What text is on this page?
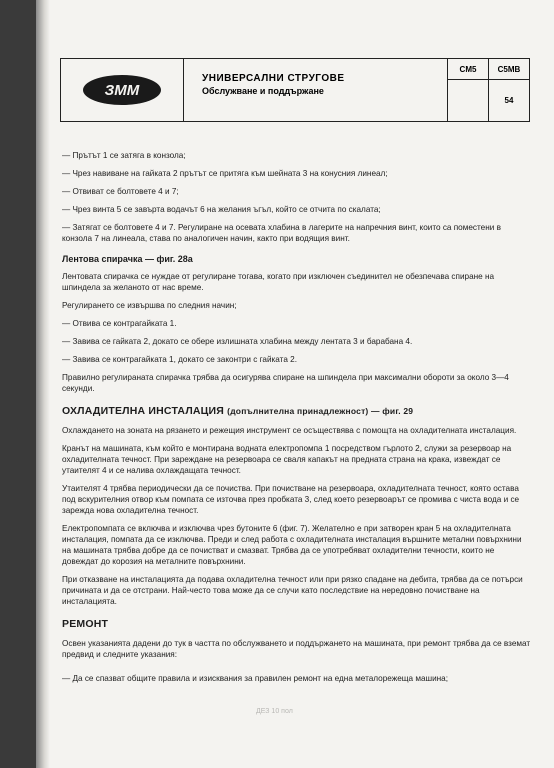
ЗММ
УНИВЕРСАЛНИ СТРУГОВЕ
Обслужване и поддържане
CM5	C5MB
54

— Прътът 1 се затяга в конзола;

— Чрез навиване на гайката 2 прътът се притяга към шейната 3 на конусния линеал;

— Отвиват се болтовете 4 и 7;

— Чрез винта 5 се завърта водачът 6 на желания ъгъл, който се отчита по скалата;

— Затягат се болтовете 4 и 7. Регулиране на осевата хлабина в лагерите на напречния винт, които са поместени в конзола 7 на линеала, става по аналогичен начин, както при водящия винт.

Лентова спирачка — фиг. 28а

Лентовата спирачка се нуждае от регулиране тогава, когато при изключен съединител не обезпечава спиране на шпиндела за желаното от нас време.

Регулирането се извършва по следния начин;

— Отвива се контрагайката 1.

— Завива се гайката 2, докато се обере излишната хлабина между лентата 3 и барабана 4.

— Завива се контрагайката 1, докато се законтри с гайката 2.

Правилно регулираната спирачка трябва да осигурява спиране на шпиндела при максимални обороти за около 3—4 секунди.

ОХЛАДИТЕЛНА ИНСТАЛАЦИЯ (допълнителна принадлежност) — фиг. 29

Охлаждането на зоната на рязането и режещия инструмент се осъществява с помощта на охладителната инсталация.

Кранът на машината, към който е монтирана водната електропомпа 1 посредством гърлото 2, служи за резервоар на охладителната течност. При зареждане на резервоара се сваля капакът на предната страна на крака, извеждат се утаителят 4 и се налива охлаждащата течност.

Утаителят 4 трябва периодически да се почиства. При почистване на резервоара, охладителната течност, която остава под вскурителния отвор към помпата се източва през пробката 3, след което резервоарът се промива с чиста вода и се зарежда нова охладителна течност.

Електропомпата се включва и изключва чрез бутоните 6 (фиг. 7). Желателно е при затворен кран 5 на охладителната инсталация, помпата да се изключва. Преди и след работа с охладителната инсталация вършните метални повърхнини на машината трябва добре да се почистват и смазват. Трябва да се употребяват охладителни течности, които не довеждат до корозия на металните повърхнини.

При отказване на инсталацията да подава охладителна течност или при рязко спадане на дебита, трябва да се потърси причината и да се отстрани. Най-често това може да се случи като последствие на нередовно почистване на инсталацията.

РЕМОНТ

Освен указанията дадени до тук в частта по обслужването и поддържането на машината, при ремонт трябва да се вземат предвид и следните указания:

— Да се спазват общите правила и изисквания за правилен ремонт на една металорежеща машина;

ДЕЗ 10 пол
